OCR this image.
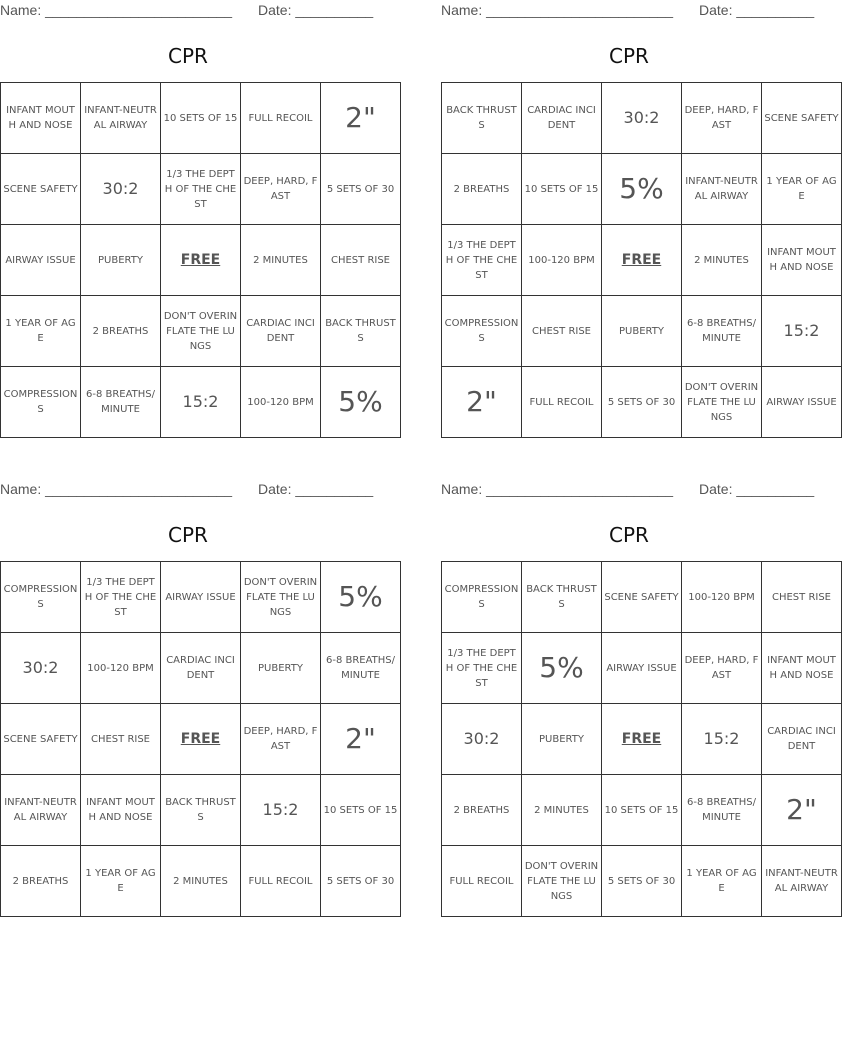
Name: ________________________ Date: __________
CPR
INFANT MOUTH AND NOSE	INFANT-NEUTRAL AIRWAY	10 SETS OF 15	FULL RECOIL	2"
SCENE SAFETY	30:2	1/3 THE DEPTH OF THE CHEST	DEEP, HARD, FAST	5 SETS OF 30
AIRWAY ISSUE	PUBERTY	FREE	2 MINUTES	CHEST RISE
1 YEAR OF AGE	2 BREATHS	DON'T OVERINFLATE THE LUNGS	CARDIAC INCIDENT	BACK THRUSTS
COMPRESSIONS	6-8 BREATHS/ MINUTE	15:2	100-120 BPM	5%
Name: ________________________ Date: __________
CPR
BACK THRUSTS	CARDIAC INCIDENT	30:2	DEEP, HARD, FAST	SCENE SAFETY
2 BREATHS	10 SETS OF 15	5%	INFANT-NEUTRAL AIRWAY	1 YEAR OF AGE
1/3 THE DEPTH OF THE CHEST	100-120 BPM	FREE	2 MINUTES	INFANT MOUTH AND NOSE
COMPRESSIONS	CHEST RISE	PUBERTY	6-8 BREATHS/ MINUTE	15:2
2"	FULL RECOIL	5 SETS OF 30	DON'T OVERINFLATE THE LUNGS	AIRWAY ISSUE
Name: ________________________ Date: __________
CPR
COMPRESSIONS	1/3 THE DEPTH OF THE CHEST	AIRWAY ISSUE	DON'T OVERINFLATE THE LUNGS	5%
30:2	100-120 BPM	CARDIAC INCIDENT	PUBERTY	6-8 BREATHS/ MINUTE
SCENE SAFETY	CHEST RISE	FREE	DEEP, HARD, FAST	2"
INFANT-NEUTRAL AIRWAY	INFANT MOUTH AND NOSE	BACK THRUSTS	15:2	10 SETS OF 15
2 BREATHS	1 YEAR OF AGE	2 MINUTES	FULL RECOIL	5 SETS OF 30
Name: ________________________ Date: __________
CPR
COMPRESSIONS	BACK THRUSTS	SCENE SAFETY	100-120 BPM	CHEST RISE
1/3 THE DEPTH OF THE CHEST	5%	AIRWAY ISSUE	DEEP, HARD, FAST	INFANT MOUTH AND NOSE
30:2	PUBERTY	FREE	15:2	CARDIAC INCIDENT
2 BREATHS	2 MINUTES	10 SETS OF 15	6-8 BREATHS/ MINUTE	2"
FULL RECOIL	DON'T OVERINFLATE THE LUNGS	5 SETS OF 30	1 YEAR OF AGE	INFANT-NEUTRAL AIRWAY
